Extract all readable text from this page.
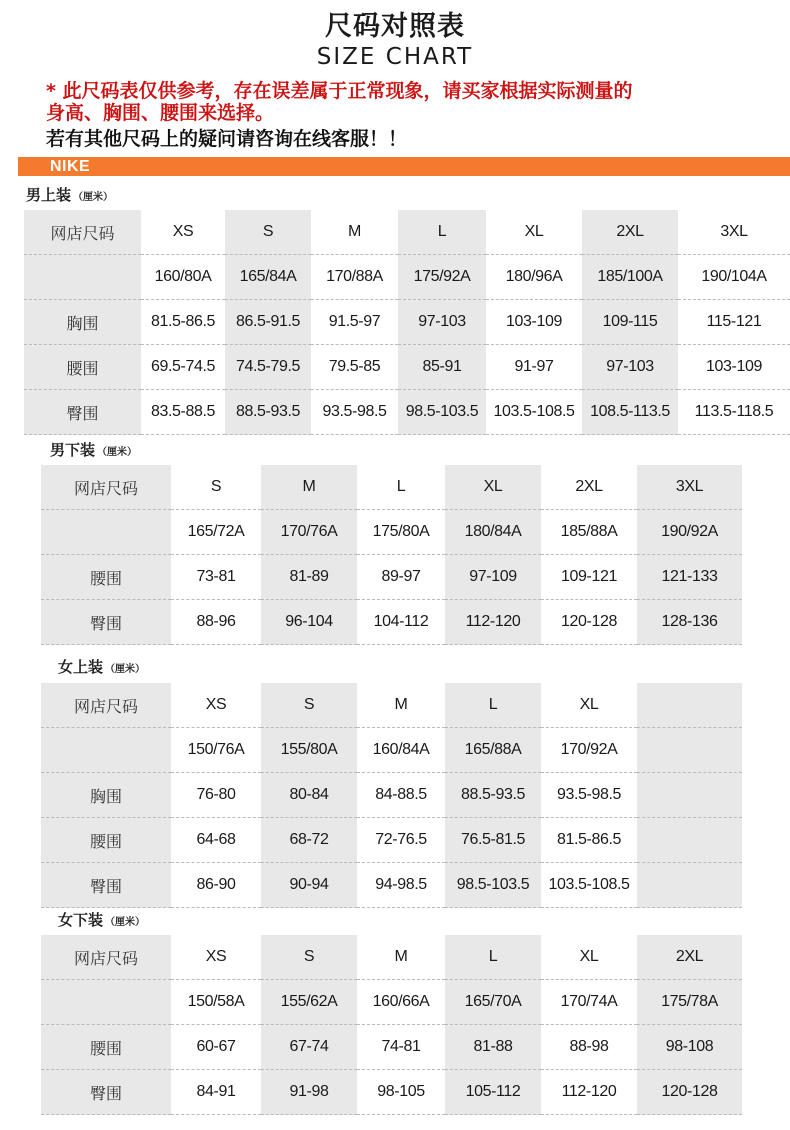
尺码对照表
SIZE CHART
* 此尺码表仅供参考，存在误差属于正常现象，请买家根据实际测量的
身高、胸围、腰围来选择。
若有其他尺码上的疑问请咨询在线客服！！
NIKE
男上装 （厘米）
网店尺码	XS	S	M	L	XL	2XL	3XL
	160/80A	165/84A	170/88A	175/92A	180/96A	185/100A	190/104A
胸围	81.5-86.5	86.5-91.5	91.5-97	97-103	103-109	109-115	115-121
腰围	69.5-74.5	74.5-79.5	79.5-85	85-91	91-97	97-103	103-109
臀围	83.5-88.5	88.5-93.5	93.5-98.5	98.5-103.5	103.5-108.5	108.5-113.5	113.5-118.5
男下装 （厘米）
网店尺码	S	M	L	XL	2XL	3XL
	165/72A	170/76A	175/80A	180/84A	185/88A	190/92A
腰围	73-81	81-89	89-97	97-109	109-121	121-133
臀围	88-96	96-104	104-112	112-120	120-128	128-136
女上装 （厘米）
网店尺码	XS	S	M	L	XL	
	150/76A	155/80A	160/84A	165/88A	170/92A	
胸围	76-80	80-84	84-88.5	88.5-93.5	93.5-98.5	
腰围	64-68	68-72	72-76.5	76.5-81.5	81.5-86.5	
臀围	86-90	90-94	94-98.5	98.5-103.5	103.5-108.5	
女下装 （厘米）
网店尺码	XS	S	M	L	XL	2XL
	150/58A	155/62A	160/66A	165/70A	170/74A	175/78A
腰围	60-67	67-74	74-81	81-88	88-98	98-108
臀围	84-91	91-98	98-105	105-112	112-120	120-128
